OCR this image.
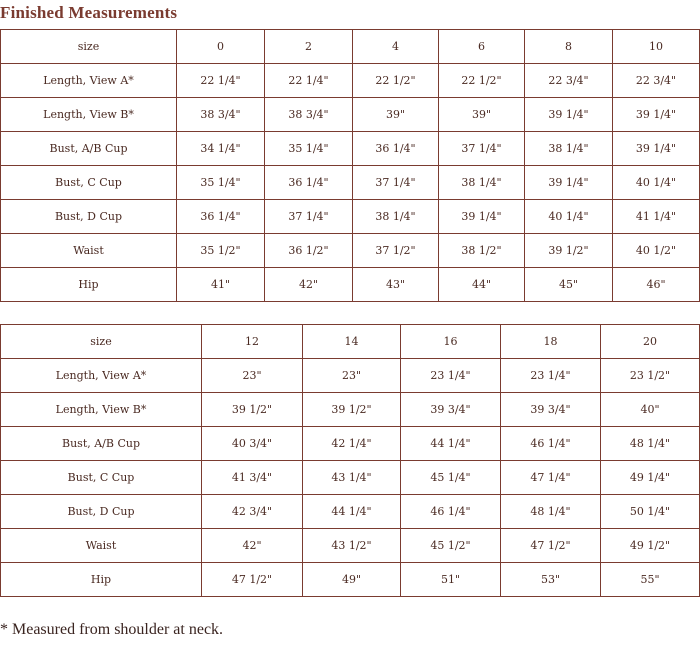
Finished Measurements
size	0	2	4	6	8	10
Length, View A*	22 1/4"	22 1/4"	22 1/2"	22 1/2"	22 3/4"	22 3/4"
Length, View B*	38 3/4"	38 3/4"	39"	39"	39 1/4"	39 1/4"
Bust, A/B Cup	34 1/4"	35 1/4"	36 1/4"	37 1/4"	38 1/4"	39 1/4"
Bust, C Cup	35 1/4"	36 1/4"	37 1/4"	38 1/4"	39 1/4"	40 1/4"
Bust, D Cup	36 1/4"	37 1/4"	38 1/4"	39 1/4"	40 1/4"	41 1/4"
Waist	35 1/2"	36 1/2"	37 1/2"	38 1/2"	39 1/2"	40 1/2"
Hip	41"	42"	43"	44"	45"	46"
size	12	14	16	18	20
Length, View A*	23"	23"	23 1/4"	23 1/4"	23 1/2"
Length, View B*	39 1/2"	39 1/2"	39 3/4"	39 3/4"	40"
Bust, A/B Cup	40 3/4"	42 1/4"	44 1/4"	46 1/4"	48 1/4"
Bust, C Cup	41 3/4"	43 1/4"	45 1/4"	47 1/4"	49 1/4"
Bust, D Cup	42 3/4"	44 1/4"	46 1/4"	48 1/4"	50 1/4"
Waist	42"	43 1/2"	45 1/2"	47 1/2"	49 1/2"
Hip	47 1/2"	49"	51"	53"	55"

* Measured from shoulder at neck.
